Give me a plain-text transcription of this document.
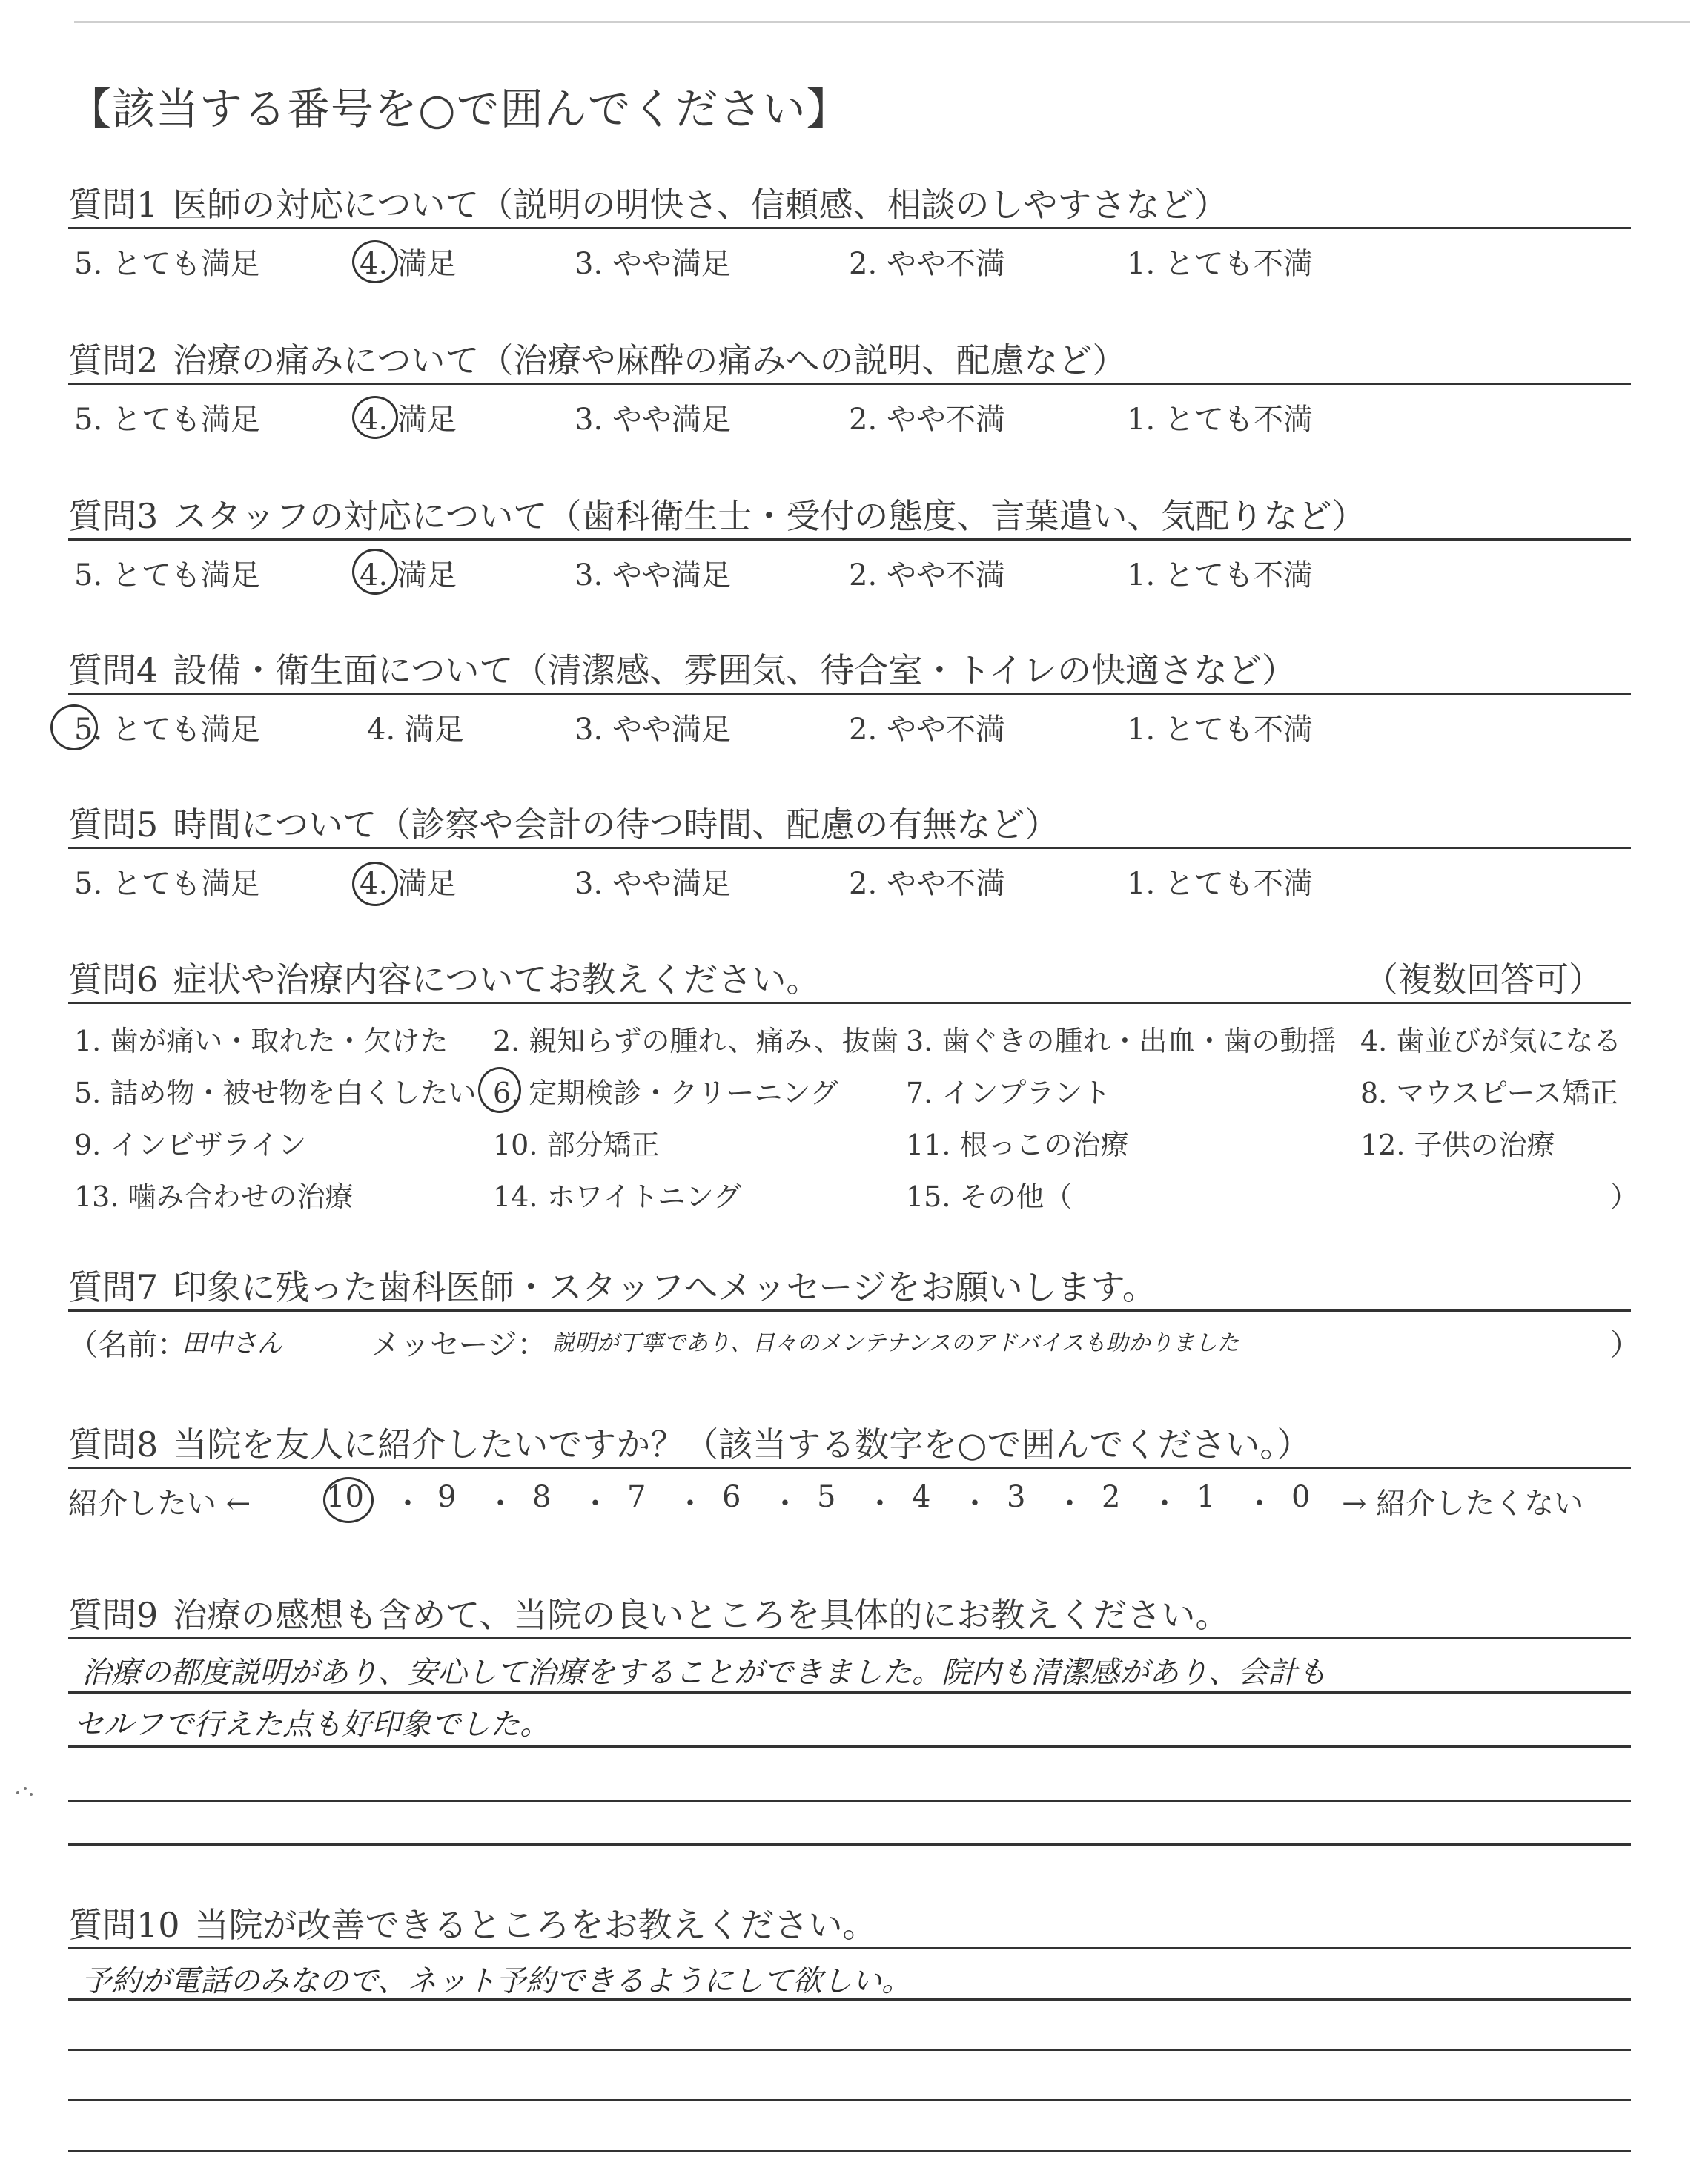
【該当する番号を○で囲んでください】
質問1 医師の対応について（説明の明快さ、信頼感、相談のしやすさなど）
5. とても満足	4. 満足	3. やや満足	2. やや不満	1. とても不満
質問2 治療の痛みについて（治療や麻酔の痛みへの説明、配慮など）
5. とても満足	4. 満足	3. やや満足	2. やや不満	1. とても不満
質問3 スタッフの対応について（歯科衛生士・受付の態度、言葉遣い、気配りなど）
5. とても満足	4. 満足	3. やや満足	2. やや不満	1. とても不満
質問4 設備・衛生面について（清潔感、雰囲気、待合室・トイレの快適さなど）
5. とても満足	4. 満足	3. やや満足	2. やや不満	1. とても不満
質問5 時間について（診察や会計の待つ時間、配慮の有無など）
5. とても満足	4. 満足	3. やや満足	2. やや不満	1. とても不満
質問6 症状や治療内容についてお教えください。	（複数回答可）
1. 歯が痛い・取れた・欠けた 2. 親知らずの腫れ、痛み、抜歯 3. 歯ぐきの腫れ・出血・歯の動揺 4. 歯並びが気になる
5. 詰め物・被せ物を白くしたい 6. 定期検診・クリーニング 7. インプラント	8. マウスピース矯正
9. インビザライン	10. 部分矯正	11. 根っこの治療	12. 子供の治療
13. 噛み合わせの治療	14. ホワイトニング	15. その他（	）
質問7 印象に残った歯科医師・スタッフへメッセージをお願いします。
（名前：
田中さん	メッセージ： 説明が丁寧であり、日々のメンテナンスのアドバイスも助かりました	）
質問8 当院を友人に紹介したいですか？（該当する数字を○で囲んでください。）
紹介したい ←	10 ・ 9 ・ 8 ・ 7 ・ 6 ・ 5 ・ 4 ・ 3 ・ 2 ・ 1 ・ 0 → 紹介したくない
質問9 治療の感想も含めて、当院の良いところを具体的にお教えください。
治療の都度説明があり、安心して治療をすることができました。院内も清潔感があり、会計も
セルフで行えた点も好印象でした。
質問10 当院が改善できるところをお教えください。
予約が電話のみなので、ネット予約できるようにして欲しい。
